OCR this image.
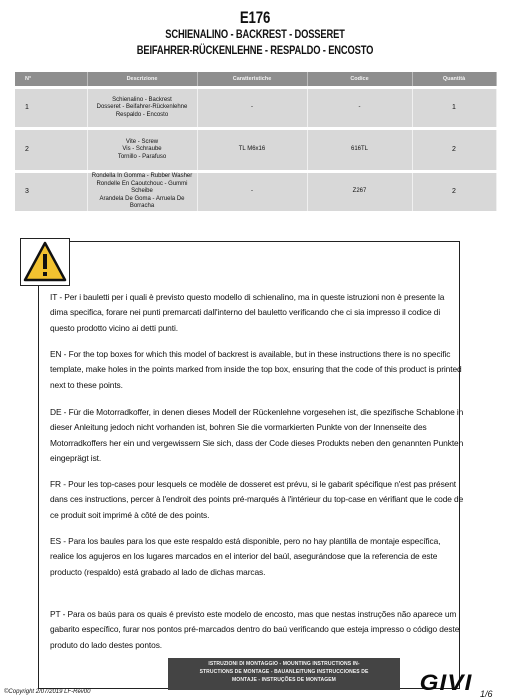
E176
SCHIENALINO - BACKREST - DOSSERET
BEIFAHRER-RÜCKENLEHNE - RESPALDO - ENCOSTO
N°	Descrizione	Caratteristiche	Codice	Quantità

1	Schienalino - Backrest
Dosseret - Beifahrer-Rückenlehne
Respaldo - Encosto	-	-	1

2	Vite - Screw
Vis - Schraube
Tornillo - Parafuso	TL M6x16	616TL	2

3	Rondella In Gomma - Rubber Washer
Rondelle En Caoutchouc - Gummi Scheibe
Arandela De Goma - Arruela De Borracha	-	Z267	2
IT - Per i bauletti per i quali è previsto questo modello di schienalino, ma in queste istruzioni non è presente la dima specifica, forare nei punti premarcati dall'interno del bauletto verificando che ci sia impresso il codice di questo prodotto vicino ai detti punti.
EN - For the top boxes for which this model of backrest is available, but in these instructions there is no specific template, make holes in the points marked from inside the top box, ensuring that the code of this product is printed next to these points.
DE - Für die Motorradkoffer, in denen dieses Modell der Rückenlehne vorgesehen ist, die spezifische Schablone in dieser Anleitung jedoch nicht vorhanden ist, bohren Sie die vormarkierten Punkte von der Innenseite des Motorradkoffers her ein und vergewissern Sie sich, dass der Code dieses Produkts neben den genannten Punkten eingeprägt ist.
FR - Pour les top-cases pour lesquels ce modèle de dosseret est prévu, si le gabarit spécifique n'est pas présent dans ces instructions, percer à l'endroit des points pré-marqués à l'intérieur du top-case en vérifiant que le code de ce produit soit imprimé à côté de des points.
ES - Para los baules para los que este respaldo está disponible, pero no hay plantilla de montaje específica, realice los agujeros en los lugares marcados en el interior del baúl, asegurándose que la referencia de este producto (respaldo) está grabado al lado de dichas marcas.
PT - Para os baús para os quais é previsto este modelo de encosto, mas que nestas instruções não aparece um gabarito específico, furar nos pontos pré-marcados dentro do baú verificando que esteja impresso o código deste produto do lado destes pontos.
©Copyright 2/07/2019 LF-Rev00
ISTRUZIONI DI MONTAGGIO - MOUNTING INSTRUCTIONS IN-
STRUCTIONS DE MONTAGE - BAUANLEITUNG INSTRUCCIONES DE
MONTAJE - INSTRUÇÕES DE MONTAGEM	GIVI 1/6
